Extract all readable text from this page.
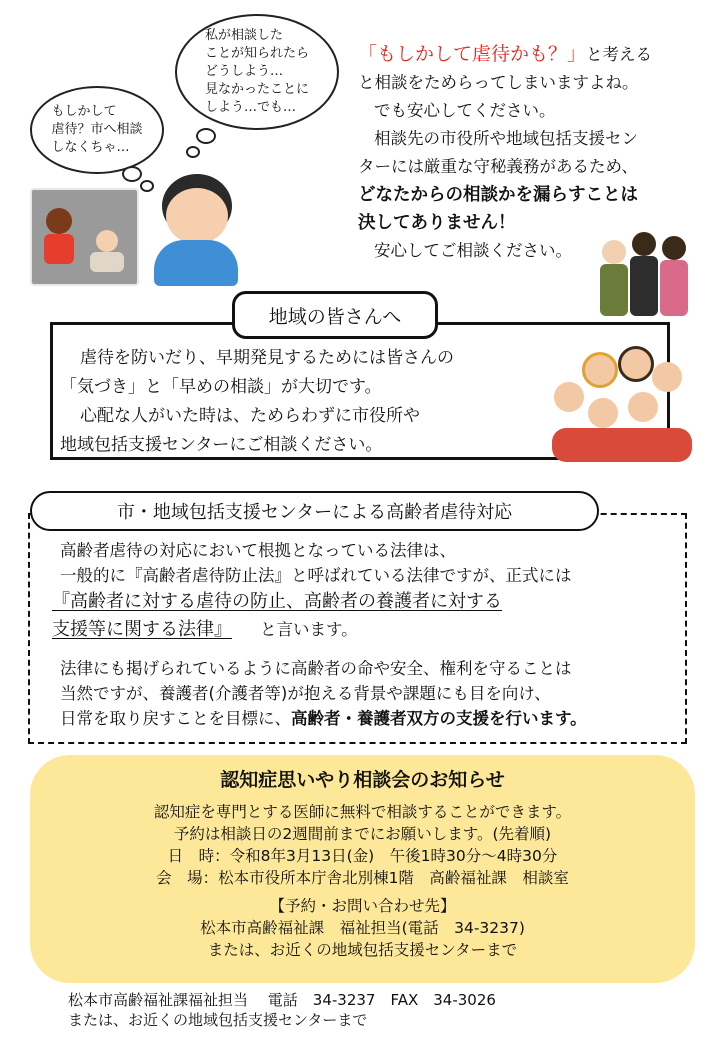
もしかして
虐待？市へ相談
しなくちゃ…
私が相談した
ことが知られたら
どうしよう…
見なかったことに
しよう…でも…

「もしかして虐待かも？」と考える

と相談をためらってしまいますよね。

でも安心してください。

相談先の市役所や地域包括支援セン

ターには厳重な守秘義務があるため、

どなたからの相談かを漏らすことは

決してありません！

安心してご相談ください。

地域の皆さんへ

虐待を防いだり、早期発見するためには皆さんの

「気づき」と「早めの相談」が大切です。

心配な人がいた時は、ためらわずに市役所や

地域包括支援センターにご相談ください。

市・地域包括支援センターによる高齢者虐待対応

高齢者虐待の対応において根拠となっている法律は、

一般的に『高齢者虐待防止法』と呼ばれている法律ですが、正式には

『高齢者に対する虐待の防止、高齢者の養護者に対する

支援等に関する法律』 と言います。

法律にも掲げられているように高齢者の命や安全、権利を守ることは

当然ですが、養護者(介護者等)が抱える背景や課題にも目を向け、

日常を取り戻すことを目標に、高齢者・養護者双方の支援を行います。

認知症思いやり相談会のお知らせ

認知症を専門とする医師に無料で相談することができます。

予約は相談日の2週間前までにお願いします。(先着順)

日　時：令和8年3月13日(金)　午後1時30分～4時30分

会　場：松本市役所本庁舎北別棟1階　高齢福祉課　相談室

【予約・お問い合わせ先】

松本市高齢福祉課　福祉担当(電話　34-3237)

または、お近くの地域包括支援センターまで

松本市高齢福祉課福祉担当　 電話　34-3237　FAX　34-3026

または、お近くの地域包括支援センターまで
